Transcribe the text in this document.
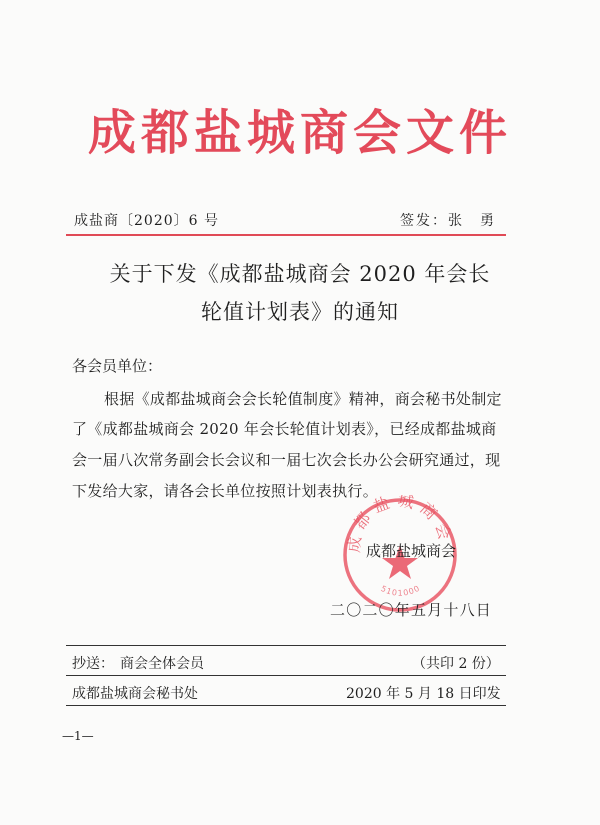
成都盐城商会文件
成盐商〔2020〕6 号	签发：张　勇
关于下发《成都盐城商会 2020 年会长
轮值计划表》的通知
各会员单位：
根据《成都盐城商会会长轮值制度》精神，商会秘书处制定
了《成都盐城商会 2020 年会长轮值计划表》，已经成都盐城商
会一届八次常务副会长会议和一届七次会长办公会研究通过，现
下发给大家，请各会长单位按照计划表执行。
成都盐城商会
5101000
成都盐城商会
二〇二〇年五月十八日
抄送： 商会全体会员	（共印 2 份）
成都盐城商会秘书处	2020 年 5 月 18 日印发
—1—
